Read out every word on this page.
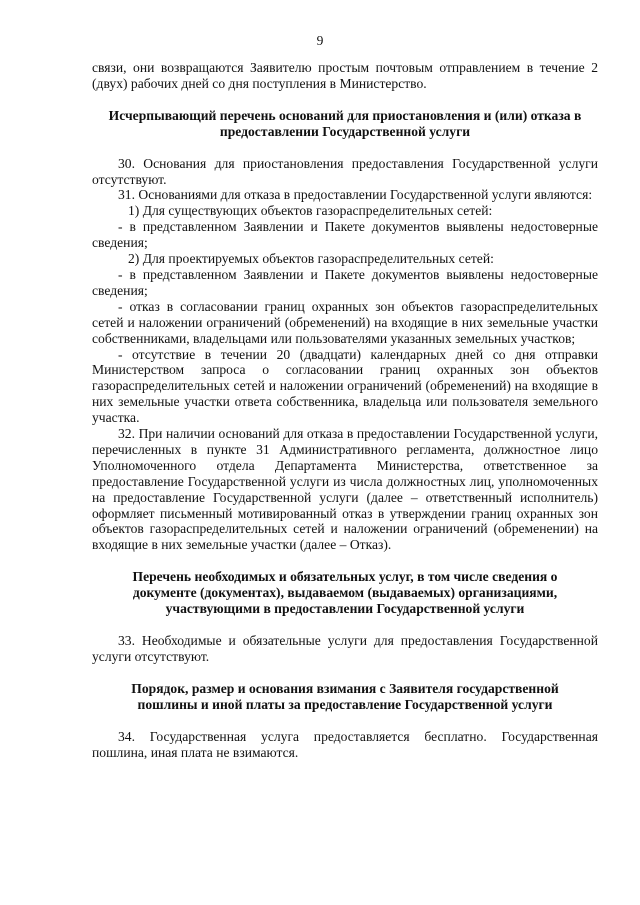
9

связи, они возвращаются Заявителю простым почтовым отправлением в течение 2 (двух) рабочих дней со дня поступления в Министерство.

Исчерпывающий перечень оснований для приостановления и (или) отказа в предоставлении Государственной услуги

30. Основания для приостановления предоставления Государственной услуги отсутствуют.

31. Основаниями для отказа в предоставлении Государственной услуги являются:

1) Для существующих объектов газораспределительных сетей:

- в представленном Заявлении и Пакете документов выявлены недостоверные сведения;

2) Для проектируемых объектов газораспределительных сетей:

- в представленном Заявлении и Пакете документов выявлены недостоверные сведения;

- отказ в согласовании границ охранных зон объектов газораспределительных сетей и наложении ограничений (обременений) на входящие в них земельные участки собственниками, владельцами или пользователями указанных земельных участков;

- отсутствие в течении 20 (двадцати) календарных дней со дня отправки Министерством запроса о согласовании границ охранных зон объектов газораспределительных сетей и наложении ограничений (обременений) на входящие в них земельные участки ответа собственника, владельца или пользователя земельного участка.

32. При наличии оснований для отказа в предоставлении Государственной услуги, перечисленных в пункте 31 Административного регламента, должностное лицо Уполномоченного отдела Департамента Министерства, ответственное за предоставление Государственной услуги из числа должностных лиц, уполномоченных на предоставление Государственной услуги (далее – ответственный исполнитель) оформляет письменный мотивированный отказ в утверждении границ охранных зон объектов газораспределительных сетей и наложении ограничений (обременении) на входящие в них земельные участки (далее – Отказ).

Перечень необходимых и обязательных услуг, в том числе сведения о документе (документах), выдаваемом (выдаваемых) организациями, участвующими в предоставлении Государственной услуги

33. Необходимые и обязательные услуги для предоставления Государственной услуги отсутствуют.

Порядок, размер и основания взимания с Заявителя государственной пошлины и иной платы за предоставление Государственной услуги

34. Государственная услуга предоставляется бесплатно. Государственная пошлина, иная плата не взимаются.
